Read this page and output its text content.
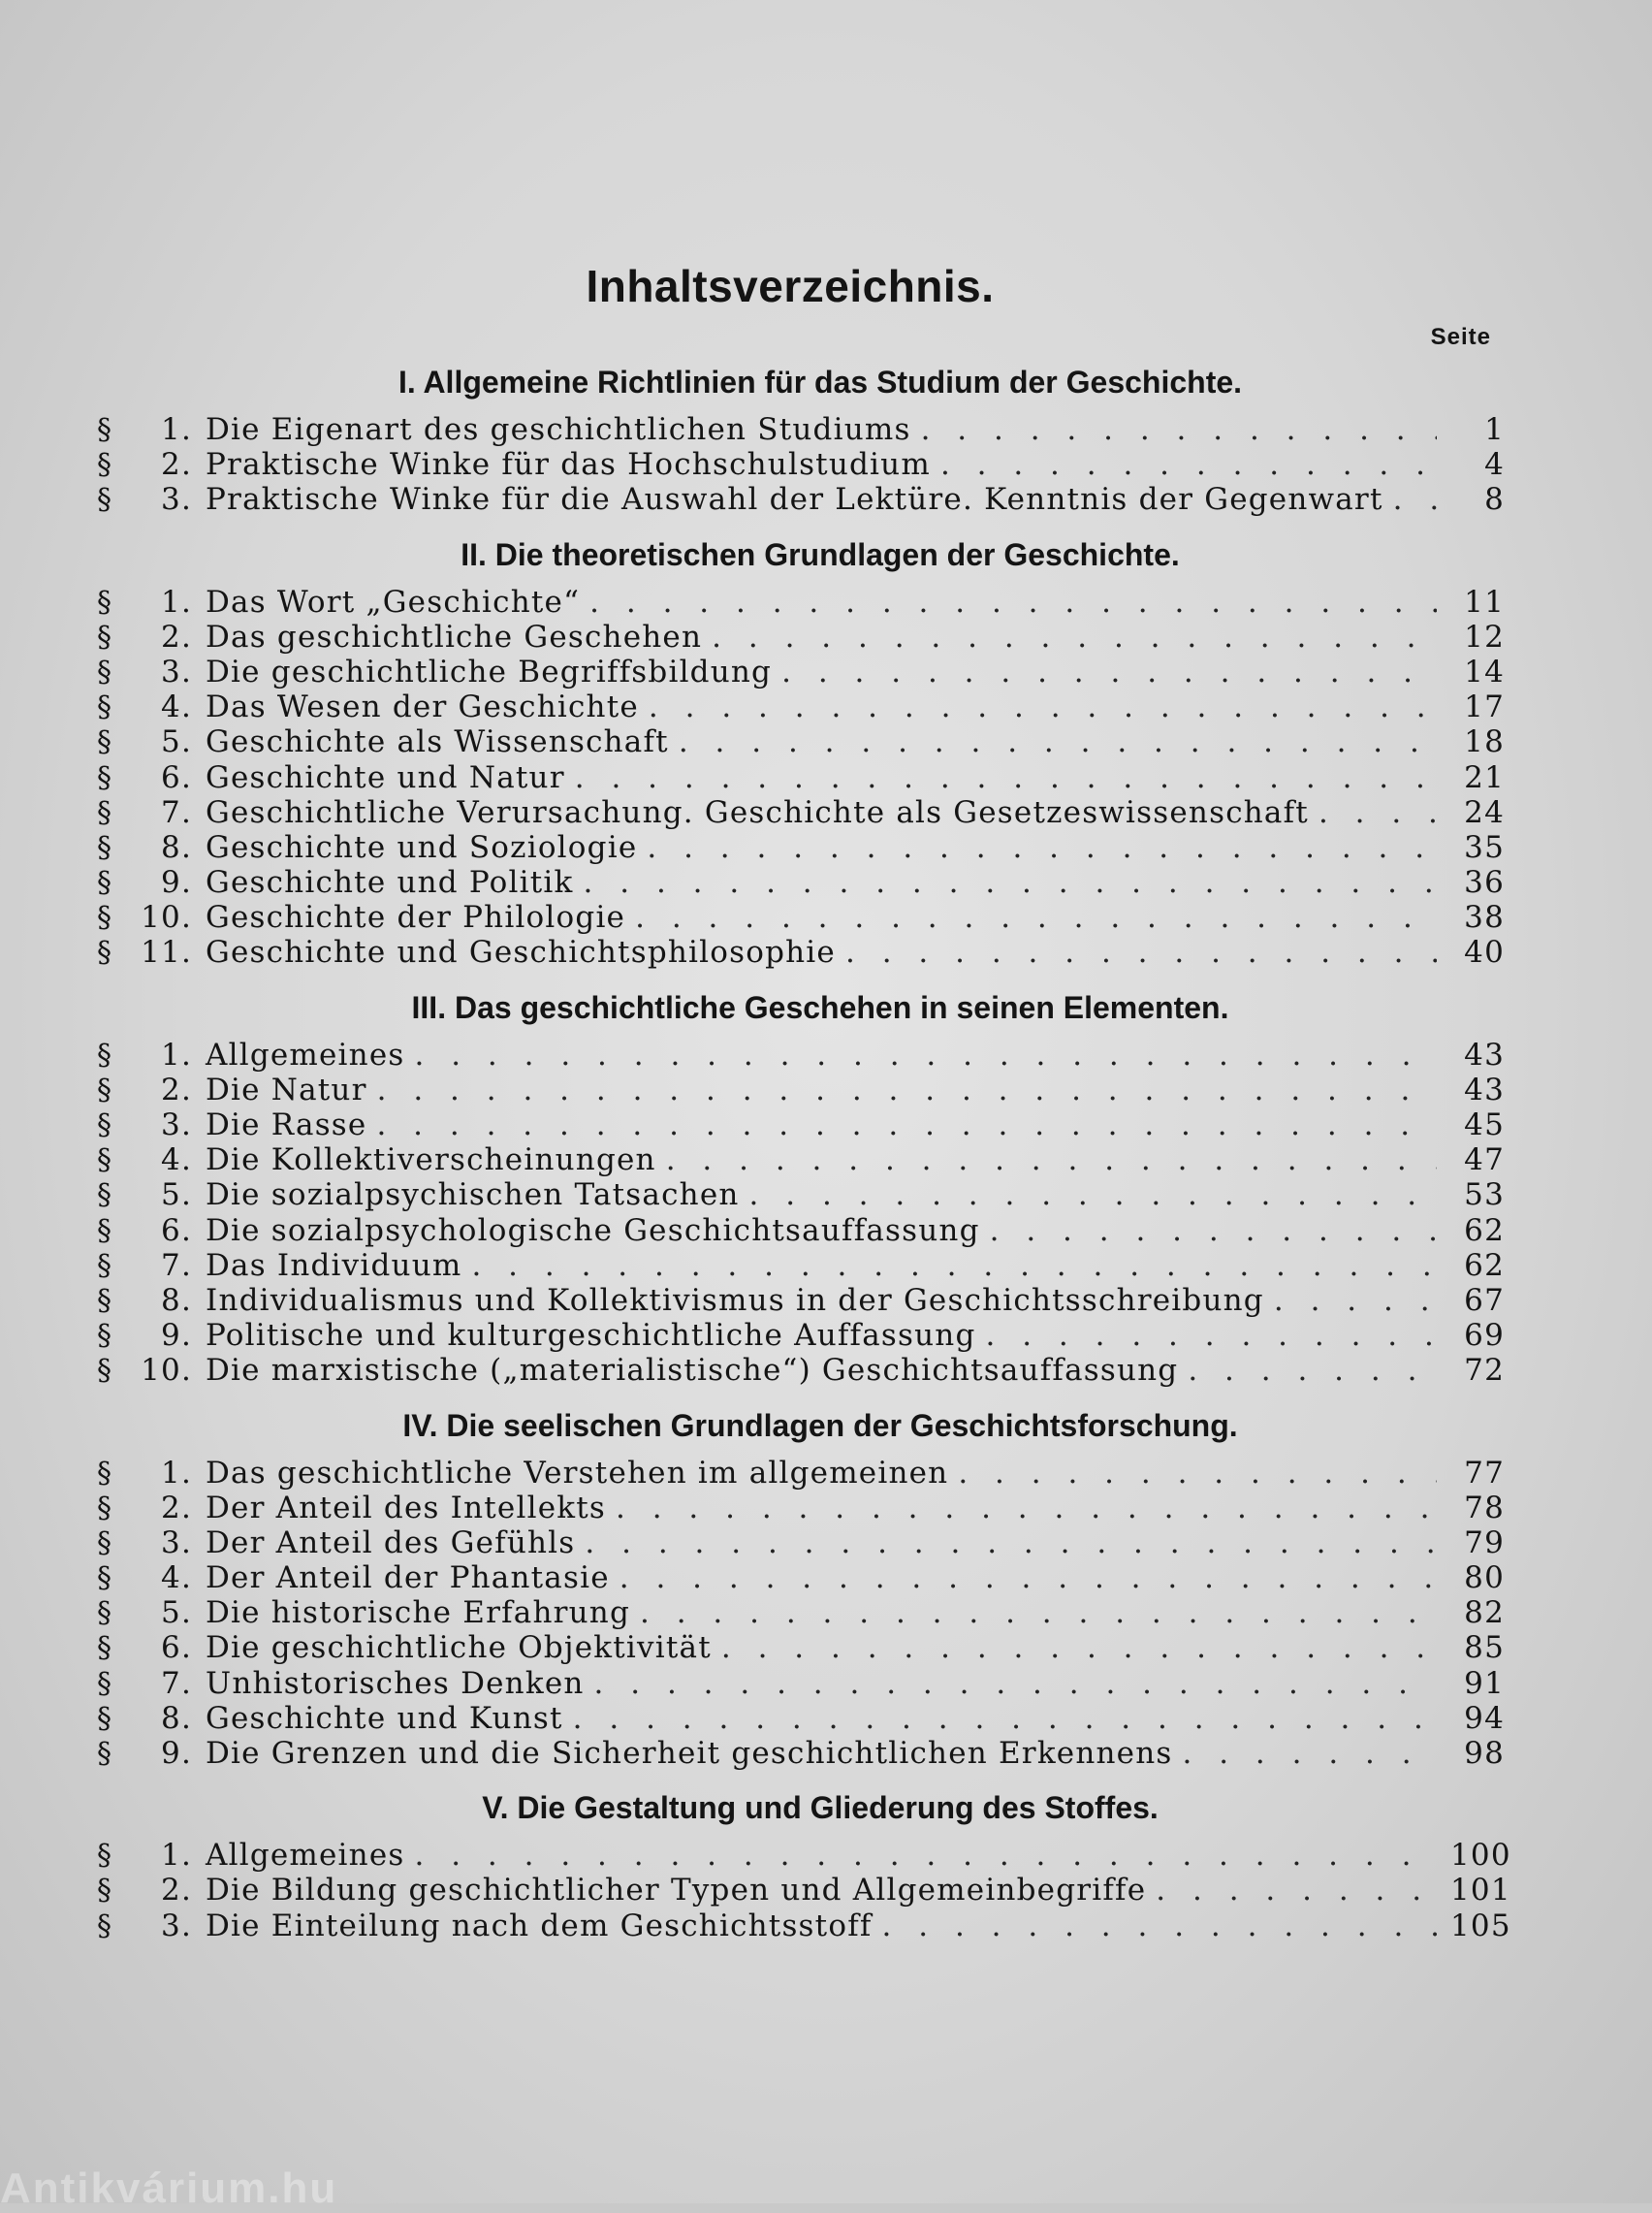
Inhaltsverzeichnis.
Seite
I. Allgemeine Richtlinien für das Studium der Geschichte.
§	1. Die Eigenart des geschichtlichen Studiums . . .	1
§	2. Praktische Winke für das Hochschulstudium . . .	4
§	3. Praktische Winke für die Auswahl der Lektüre. Kenntnis der Gegenwart . . .	8
II. Die theoretischen Grundlagen der Geschichte.
§	1. Das Wort „Geschichte“ . . .	11
§	2. Das geschichtliche Geschehen . . .	12
§	3. Die geschichtliche Begriffsbildung . . .	14
§	4. Das Wesen der Geschichte . . .	17
§	5. Geschichte als Wissenschaft . . .	18
§	6. Geschichte und Natur . . .	21
§	7. Geschichtliche Verursachung. Geschichte als Gesetzeswissenschaft . . .	24
§	8. Geschichte und Soziologie . . .	35
§	9. Geschichte und Politik . . .	36
§ 10. Geschichte der Philologie . . .	38
§ 11. Geschichte und Geschichtsphilosophie . . .	40
III. Das geschichtliche Geschehen in seinen Elementen.
§	1. Allgemeines . . .	43
§	2. Die Natur . . .	43
§	3. Die Rasse . . .	45
§	4. Die Kollektiverscheinungen . . .	47
§	5. Die sozialpsychischen Tatsachen . . .	53
§	6. Die sozialpsychologische Geschichtsauffassung . . .	62
§	7. Das Individuum . . .	62
§	8. Individualismus und Kollektivismus in der Geschichtsschreibung . . .	67
§	9. Politische und kulturgeschichtliche Auffassung . . .	69
§ 10. Die marxistische („materialistische“) Geschichtsauffassung . . .	72
IV. Die seelischen Grundlagen der Geschichtsforschung.
§	1. Das geschichtliche Verstehen im allgemeinen . . .	77
§	2. Der Anteil des Intellekts . . .	78
§	3. Der Anteil des Gefühls . . .	79
§	4. Der Anteil der Phantasie . . .	80
§	5. Die historische Erfahrung . . .	82
§	6. Die geschichtliche Objektivität . . .	85
§	7. Unhistorisches Denken . . .	91
§	8. Geschichte und Kunst . . .	94
§	9. Die Grenzen und die Sicherheit geschichtlichen Erkennens . . .	98
V. Die Gestaltung und Gliederung des Stoffes.
§	1. Allgemeines . . .	100
§	2. Die Bildung geschichtlicher Typen und Allgemeinbegriffe . . .	101
§	3. Die Einteilung nach dem Geschichtsstoff . . .	105
Antikvárium.hu
